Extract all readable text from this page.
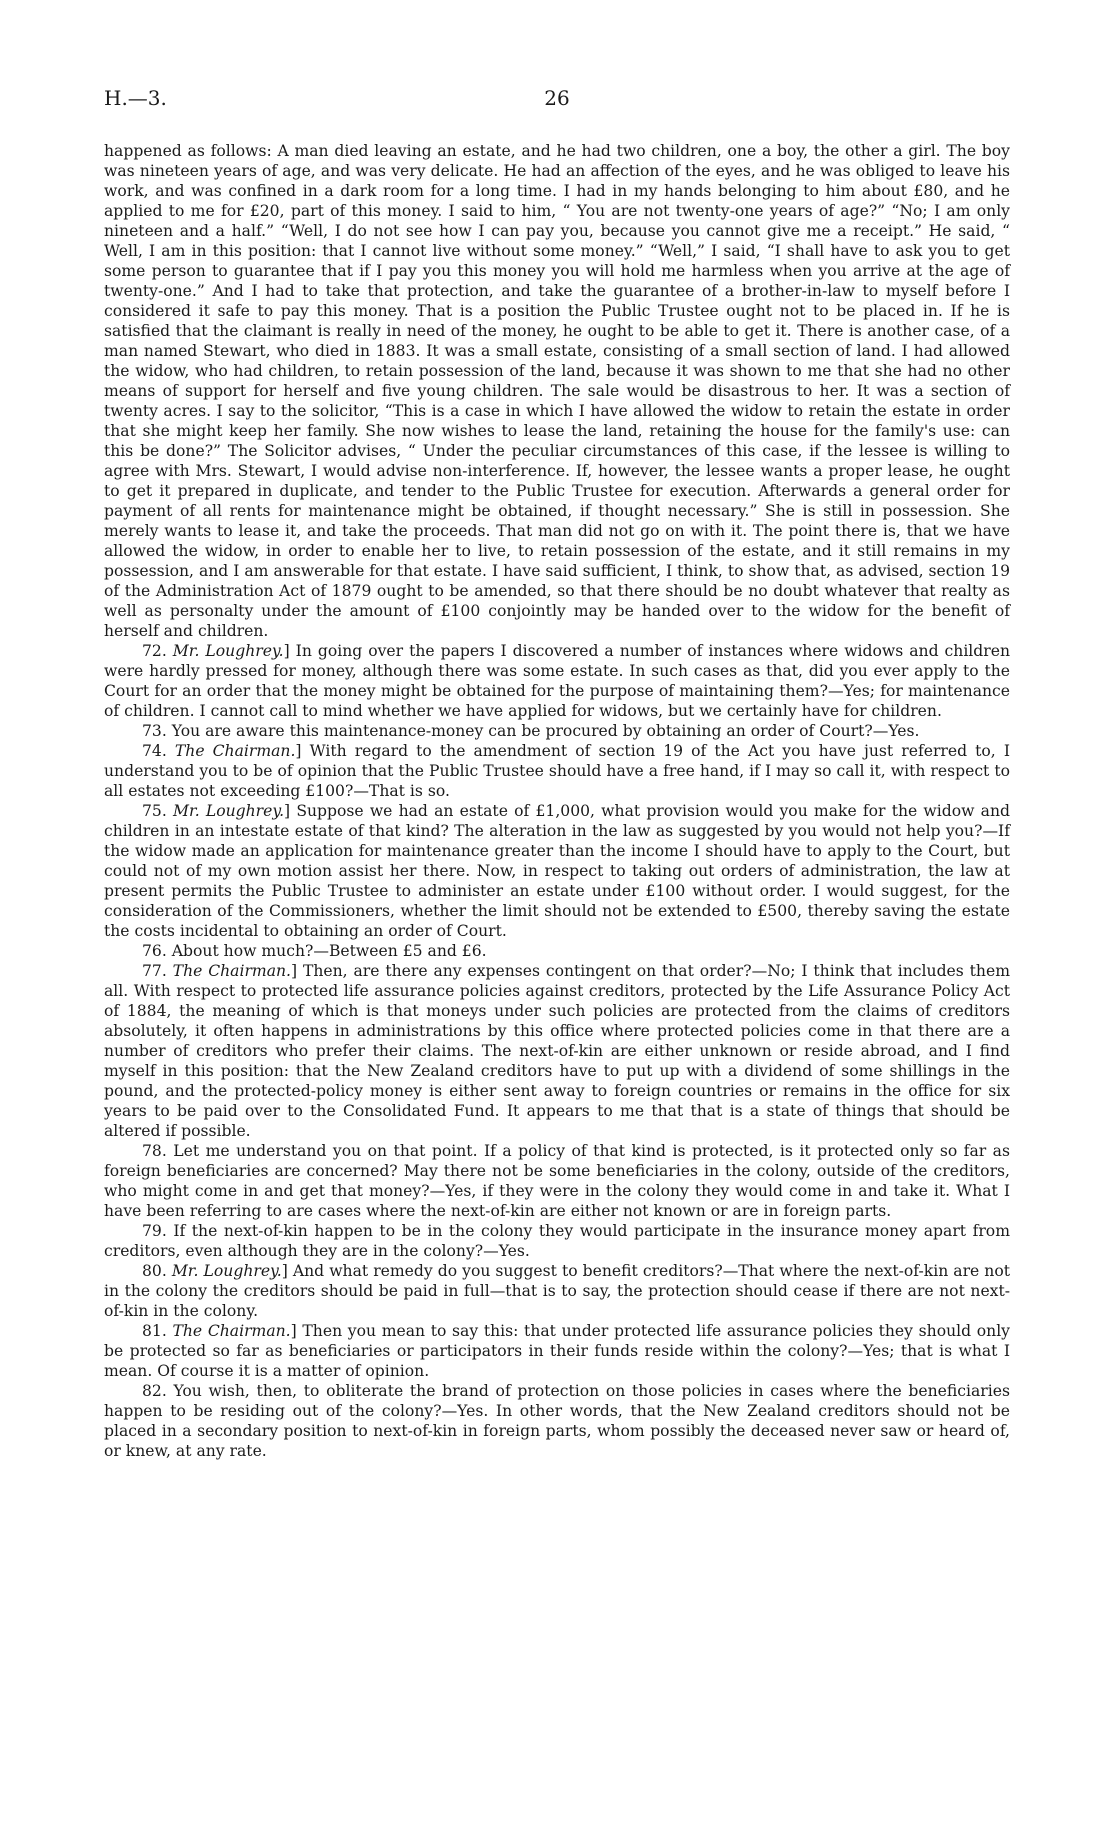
H.—3.	26

happened as follows: A man died leaving an estate, and he had two children, one a boy, the other a girl. The boy was nineteen years of age, and was very delicate. He had an affection of the eyes, and he was obliged to leave his work, and was confined in a dark room for a long time. I had in my hands belonging to him about £80, and he applied to me for £20, part of this money. I said to him, “ You are not twenty-one years of age?” “No; I am only nineteen and a half.” “Well, I do not see how I can pay you, because you cannot give me a receipt.” He said, “ Well, I am in this position: that I cannot live without some money.” “Well,” I said, “I shall have to ask you to get some person to guarantee that if I pay you this money you will hold me harmless when you arrive at the age of twenty-one.” And I had to take that protection, and take the guarantee of a brother-in-law to myself before I considered it safe to pay this money. That is a position the Public Trustee ought not to be placed in. If he is satisfied that the claimant is really in need of the money, he ought to be able to get it. There is another case, of a man named Stewart, who died in 1883. It was a small estate, consisting of a small section of land. I had allowed the widow, who had children, to retain possession of the land, because it was shown to me that she had no other means of support for herself and five young children. The sale would be disastrous to her. It was a section of twenty acres. I say to the solicitor, “This is a case in which I have allowed the widow to retain the estate in order that she might keep her family. She now wishes to lease the land, retaining the house for the family's use: can this be done?” The Solicitor advises, “ Under the peculiar circumstances of this case, if the lessee is willing to agree with Mrs. Stewart, I would advise non-interference. If, however, the lessee wants a proper lease, he ought to get it prepared in duplicate, and tender to the Public Trustee for execution. Afterwards a general order for payment of all rents for maintenance might be obtained, if thought necessary.” She is still in possession. She merely wants to lease it, and take the proceeds. That man did not go on with it. The point there is, that we have allowed the widow, in order to enable her to live, to retain possession of the estate, and it still remains in my possession, and I am answerable for that estate. I have said sufficient, I think, to show that, as advised, section 19 of the Administration Act of 1879 ought to be amended, so that there should be no doubt whatever that realty as well as personalty under the amount of £100 conjointly may be handed over to the widow for the benefit of herself and children.

72. Mr. Loughrey.] In going over the papers I discovered a number of instances where widows and children were hardly pressed for money, although there was some estate. In such cases as that, did you ever apply to the Court for an order that the money might be obtained for the purpose of maintaining them?—Yes; for maintenance of children. I cannot call to mind whether we have applied for widows, but we certainly have for children.

73. You are aware this maintenance-money can be procured by obtaining an order of Court?—Yes.

74. The Chairman.] With regard to the amendment of section 19 of the Act you have just referred to, I understand you to be of opinion that the Public Trustee should have a free hand, if I may so call it, with respect to all estates not exceeding £100?—That is so.

75. Mr. Loughrey.] Suppose we had an estate of £1,000, what provision would you make for the widow and children in an intestate estate of that kind? The alteration in the law as suggested by you would not help you?—If the widow made an application for maintenance greater than the income I should have to apply to the Court, but could not of my own motion assist her there. Now, in respect to taking out orders of administration, the law at present permits the Public Trustee to administer an estate under £100 without order. I would suggest, for the consideration of the Commissioners, whether the limit should not be extended to £500, thereby saving the estate the costs incidental to obtaining an order of Court.

76. About how much?—Between £5 and £6.

77. The Chairman.] Then, are there any expenses contingent on that order?—No; I think that includes them all. With respect to protected life assurance policies against creditors, protected by the Life Assurance Policy Act of 1884, the meaning of which is that moneys under such policies are protected from the claims of creditors absolutely, it often happens in administrations by this office where protected policies come in that there are a number of creditors who prefer their claims. The next-of-kin are either unknown or reside abroad, and I find myself in this position: that the New Zealand creditors have to put up with a dividend of some shillings in the pound, and the protected-policy money is either sent away to foreign countries or remains in the office for six years to be paid over to the Consolidated Fund. It appears to me that that is a state of things that should be altered if possible.

78. Let me understand you on that point. If a policy of that kind is protected, is it protected only so far as foreign beneficiaries are concerned? May there not be some beneficiaries in the colony, outside of the creditors, who might come in and get that money?—Yes, if they were in the colony they would come in and take it. What I have been referring to are cases where the next-of-kin are either not known or are in foreign parts.

79. If the next-of-kin happen to be in the colony they would participate in the insurance money apart from creditors, even although they are in the colony?—Yes.

80. Mr. Loughrey.] And what remedy do you suggest to benefit creditors?—That where the next-of-kin are not in the colony the creditors should be paid in full—that is to say, the protection should cease if there are not next-of-kin in the colony.

81. The Chairman.] Then you mean to say this: that under protected life assurance policies they should only be protected so far as beneficiaries or participators in their funds reside within the colony?—Yes; that is what I mean. Of course it is a matter of opinion.

82. You wish, then, to obliterate the brand of protection on those policies in cases where the beneficiaries happen to be residing out of the colony?—Yes. In other words, that the New Zealand creditors should not be placed in a secondary position to next-of-kin in foreign parts, whom possibly the deceased never saw or heard of, or knew, at any rate.
